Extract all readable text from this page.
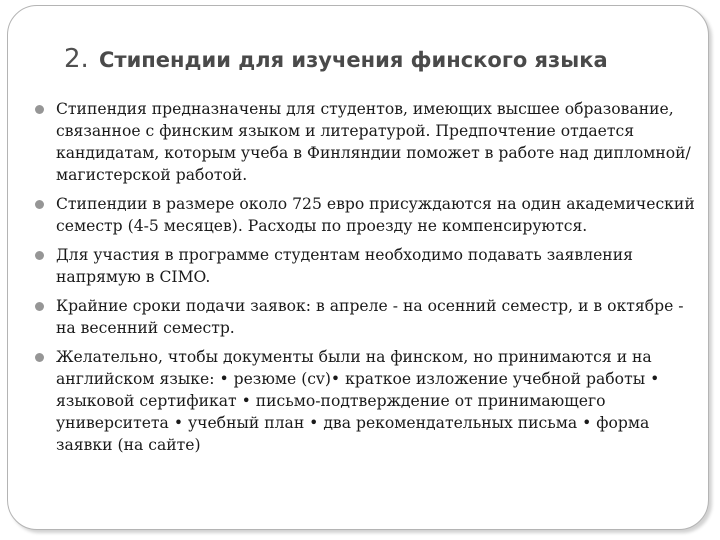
2. Стипендии для изучения финского языка
Стипендия предназначены для студентов, имеющих высшее образование, связанное с финским языком и литературой. Предпочтение отдается кандидатам, которым учеба в Финляндии поможет в работе над дипломной/магистерской работой.
Стипендии в размере около 725 евро присуждаются на один академический семестр (4-5 месяцев). Расходы по проезду не компенсируются.
Для участия в программе студентам необходимо подавать заявления напрямую в CIMO.
Крайние сроки подачи заявок: в апреле - на осенний семестр, и в октябре - на весенний семестр.
Желательно, чтобы документы были на финском, но принимаются и на английском языке: • резюме (cv)• краткое изложение учебной работы • языковой сертификат • письмо-подтверждение от принимающего университета • учебный план • два рекомендательных письма • форма заявки (на сайте)
